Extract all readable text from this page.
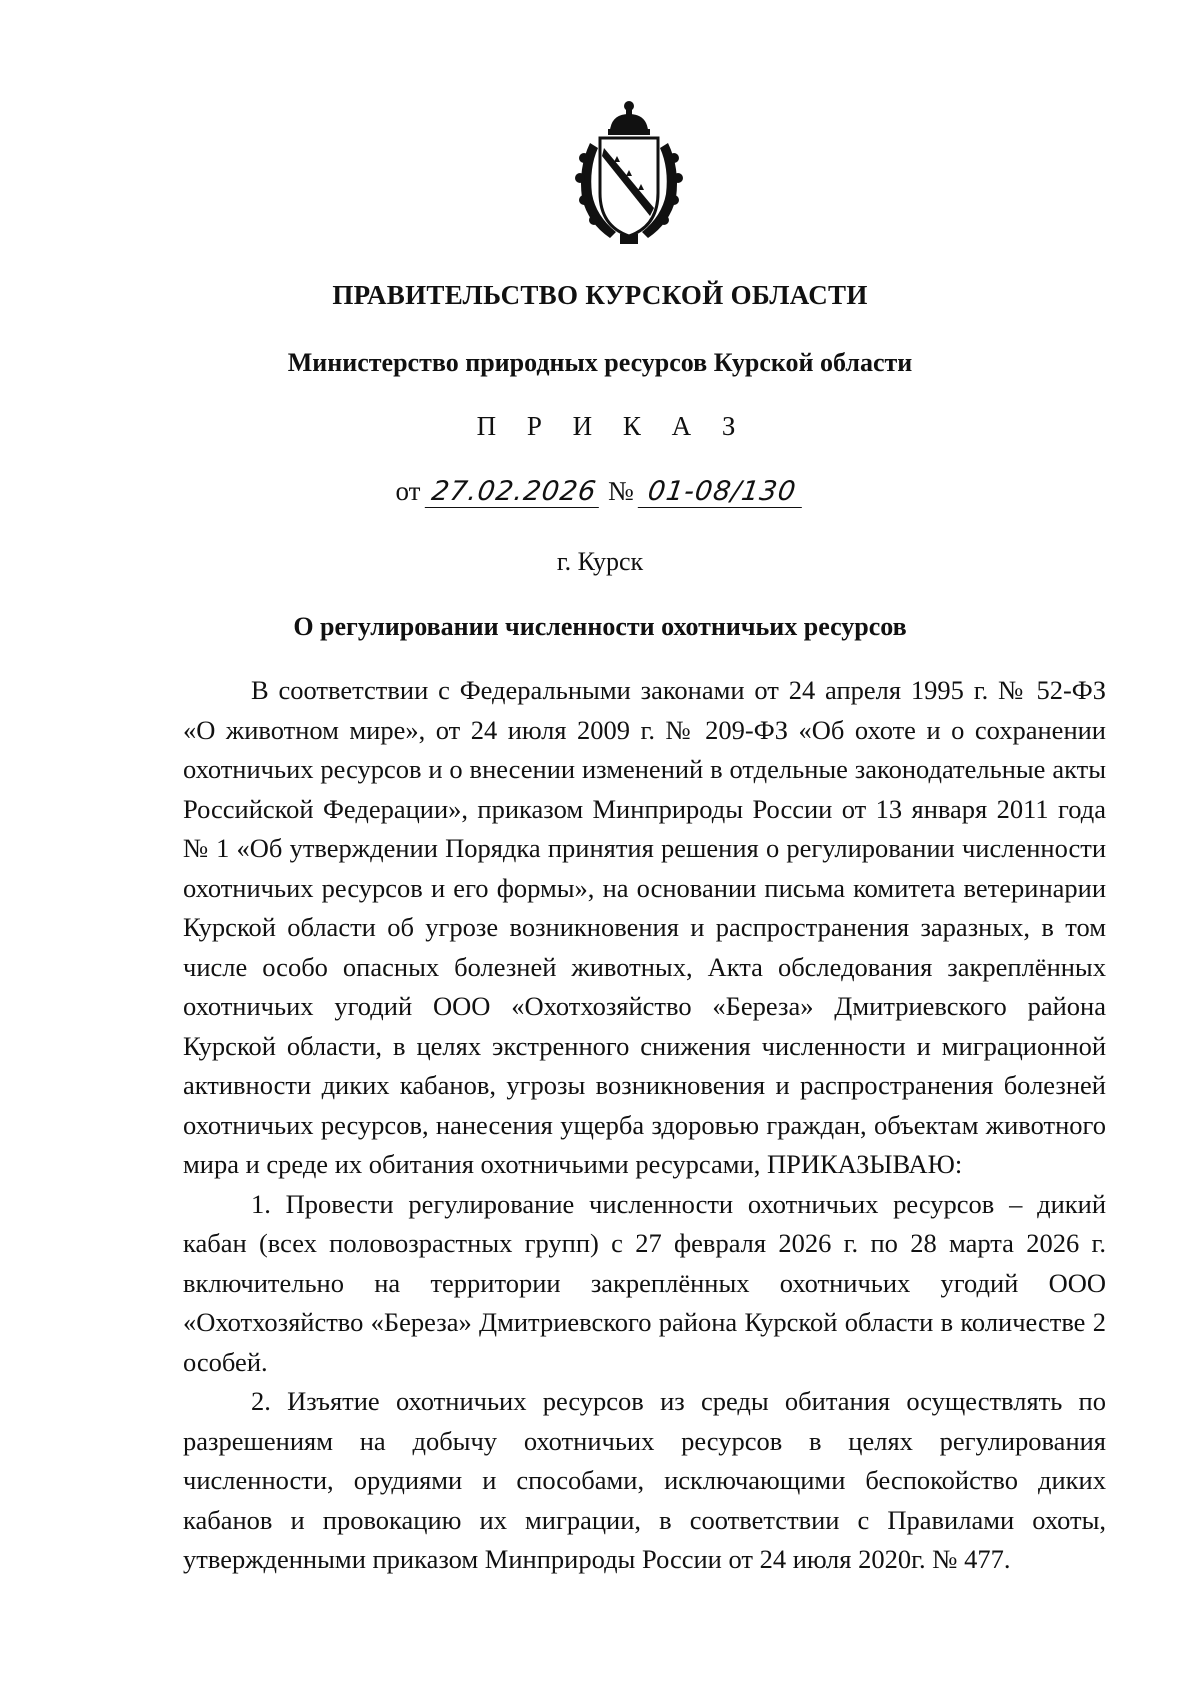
ПРАВИТЕЛЬСТВО КУРСКОЙ ОБЛАСТИ
Министерство природных ресурсов Курской области
П Р И К А З
от 27.02.2026 № 01-08/130
г. Курск
О регулировании численности охотничьих ресурсов

В соответствии с Федеральными законами от 24 апреля 1995 г. № 52-ФЗ «О животном мире», от 24 июля 2009 г. № 209-ФЗ «Об охоте и о сохранении охотничьих ресурсов и о внесении изменений в отдельные законодательные акты Российской Федерации», приказом Минприроды России от 13 января 2011 года № 1 «Об утверждении Порядка принятия решения о регулировании численности охотничьих ресурсов и его формы», на основании письма комитета ветеринарии Курской области об угрозе возникновения и распространения заразных, в том числе особо опасных болезней животных, Акта обследования закреплённых охотничьих угодий ООО «Охотхозяйство «Береза» Дмитриевского района Курской области, в целях экстренного снижения численности и миграционной активности диких кабанов, угрозы возникновения и распространения болезней охотничьих ресурсов, нанесения ущерба здоровью граждан, объектам животного мира и среде их обитания охотничьими ресурсами, ПРИКАЗЫВАЮ:

1. Провести регулирование численности охотничьих ресурсов – дикий кабан (всех половозрастных групп) с 27 февраля 2026 г. по 28 марта 2026 г. включительно на территории закреплённых охотничьих угодий ООО «Охотхозяйство «Береза» Дмитриевского района Курской области в количестве 2 особей.

2. Изъятие охотничьих ресурсов из среды обитания осуществлять по разрешениям на добычу охотничьих ресурсов в целях регулирования численности, орудиями и способами, исключающими беспокойство диких кабанов и провокацию их миграции, в соответствии с Правилами охоты, утвержденными приказом Минприроды России от 24 июля 2020г. № 477.
